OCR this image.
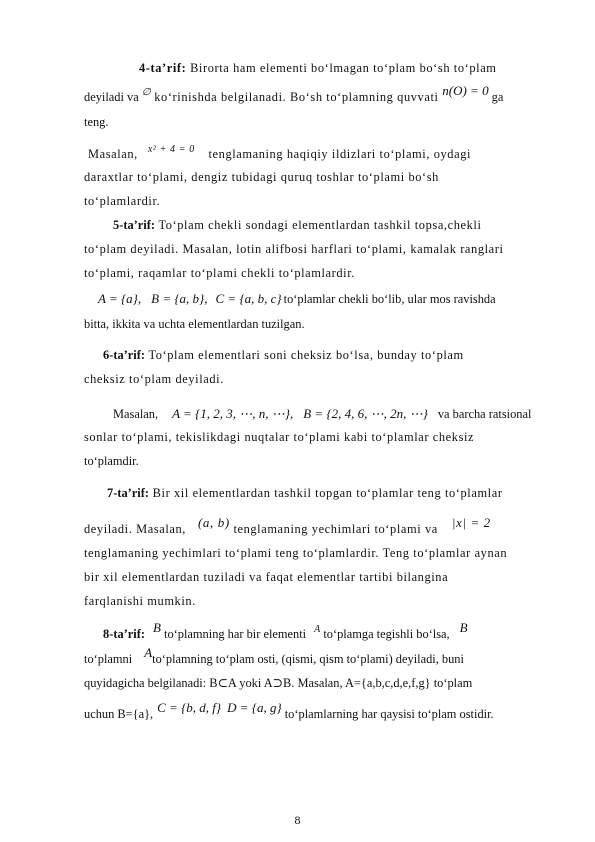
4-ta’rif: Birorta ham elementi bo‘lmagan to‘plam bo‘sh to‘plam
deyiladi va ∅ ko‘rinishda belgilanadi. Bo‘sh to‘plamning quvvati n(O) = 0 ga
teng.
Masalan, $^{x^2 + 4 = 0}$ tenglamaning haqiqiy ildizlari to‘plami, oydagi
daraxtlar to‘plami, dengiz tubidagi quruq toshlar to‘plami bo‘sh
to‘plamlardir.
5-ta’rif: To‘plam chekli sondagi elementlardan tashkil topsa,chekli
to‘plam deyiladi. Masalan, lotin alifbosi harflari to‘plami, kamalak ranglari
to‘plami, raqamlar to‘plami chekli to‘plamlardir.
A = {a}, B = {a, b}, C = {a, b, c} to‘plamlar chekli bo‘lib, ular mos ravishda
bitta, ikkita va uchta elementlardan tuzilgan.
6-ta’rif: To‘plam elementlari soni cheksiz bo‘lsa, bunday to‘plam
cheksiz to‘plam deyiladi.
Masalan, A = {1, 2, 3, ⋯, n, ⋯}, B = {2, 4, 6, ⋯, 2n, ⋯} va barcha ratsional
sonlar to‘plami, tekislikdagi nuqtalar to‘plami kabi to‘plamlar cheksiz
to‘plamdir.
7-ta’rif: Bir xil elementlardan tashkil topgan to‘plamlar teng to‘plamlar
deyiladi. Masalan, (a, b) tenglamaning yechimlari to‘plami va |x| = 2
tenglamaning yechimlari to‘plami teng to‘plamlardir. Teng to‘plamlar aynan
bir xil elementlardan tuziladi va faqat elementlar tartibi bilangina
farqlanishi mumkin.
8-ta’rif: B to‘plamning har bir elementi $^A$ to‘plamga tegishli bo‘lsa, B
to‘plamni Ato‘plamning to‘plam osti, (qismi, qism to‘plami) deyiladi, buni
quyidagicha belgilanadi: B⊂A yoki A⊃B. Masalan, A={a,b,c,d,e,f,g} to‘plam
uchun B={a}, C = {b, d, f} D = {a, g} to‘plamlarning har qaysisi to‘plam ostidir.
8
